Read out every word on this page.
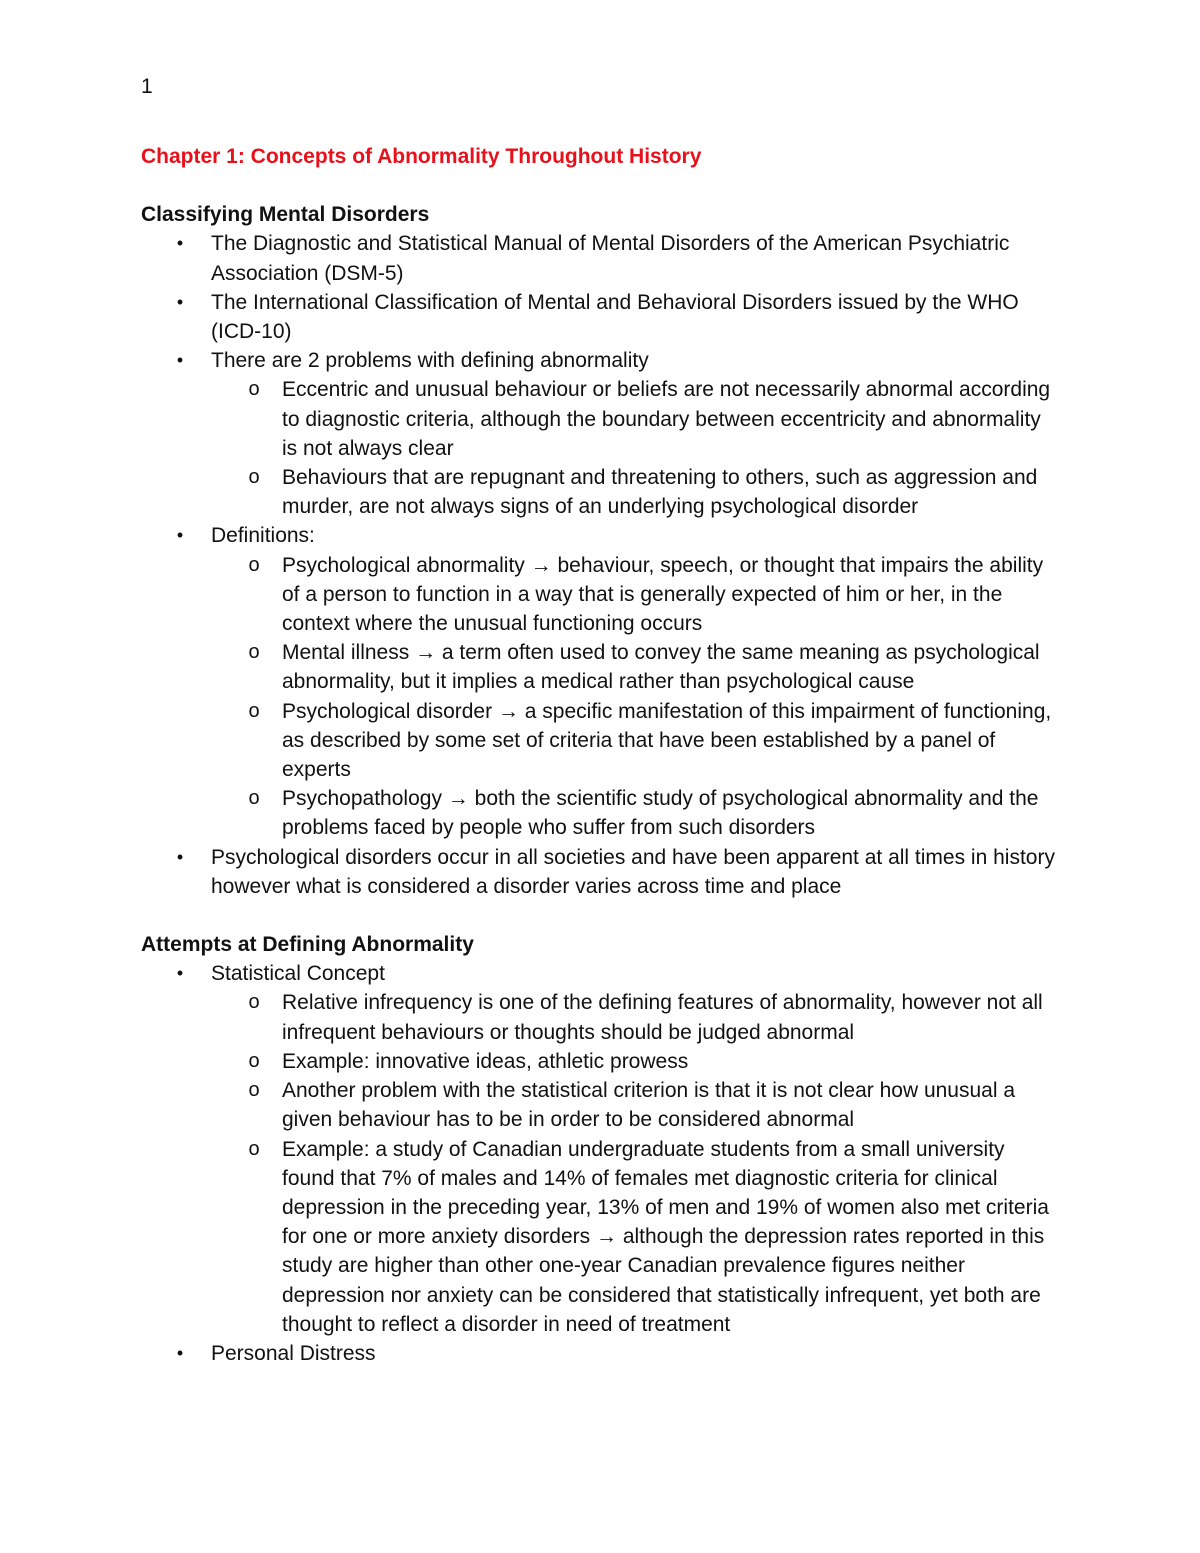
1
Chapter 1: Concepts of Abnormality Throughout History
Classifying Mental Disorders
• The Diagnostic and Statistical Manual of Mental Disorders of the American Psychiatric Association (DSM-5)
• The International Classification of Mental and Behavioral Disorders issued by the WHO (ICD-10)
• There are 2 problems with defining abnormality
o Eccentric and unusual behaviour or beliefs are not necessarily abnormal according to diagnostic criteria, although the boundary between eccentricity and abnormality is not always clear
o Behaviours that are repugnant and threatening to others, such as aggression and murder, are not always signs of an underlying psychological disorder
• Definitions:
o Psychological abnormality → behaviour, speech, or thought that impairs the ability of a person to function in a way that is generally expected of him or her, in the context where the unusual functioning occurs
o Mental illness → a term often used to convey the same meaning as psychological abnormality, but it implies a medical rather than psychological cause
o Psychological disorder → a specific manifestation of this impairment of functioning, as described by some set of criteria that have been established by a panel of experts
o Psychopathology → both the scientific study of psychological abnormality and the problems faced by people who suffer from such disorders
• Psychological disorders occur in all societies and have been apparent at all times in history however what is considered a disorder varies across time and place
Attempts at Defining Abnormality
• Statistical Concept
o Relative infrequency is one of the defining features of abnormality, however not all infrequent behaviours or thoughts should be judged abnormal
o Example: innovative ideas, athletic prowess
o Another problem with the statistical criterion is that it is not clear how unusual a given behaviour has to be in order to be considered abnormal
o Example: a study of Canadian undergraduate students from a small university found that 7% of males and 14% of females met diagnostic criteria for clinical depression in the preceding year, 13% of men and 19% of women also met criteria for one or more anxiety disorders → although the depression rates reported in this study are higher than other one-year Canadian prevalence figures neither depression nor anxiety can be considered that statistically infrequent, yet both are thought to reflect a disorder in need of treatment
• Personal Distress
